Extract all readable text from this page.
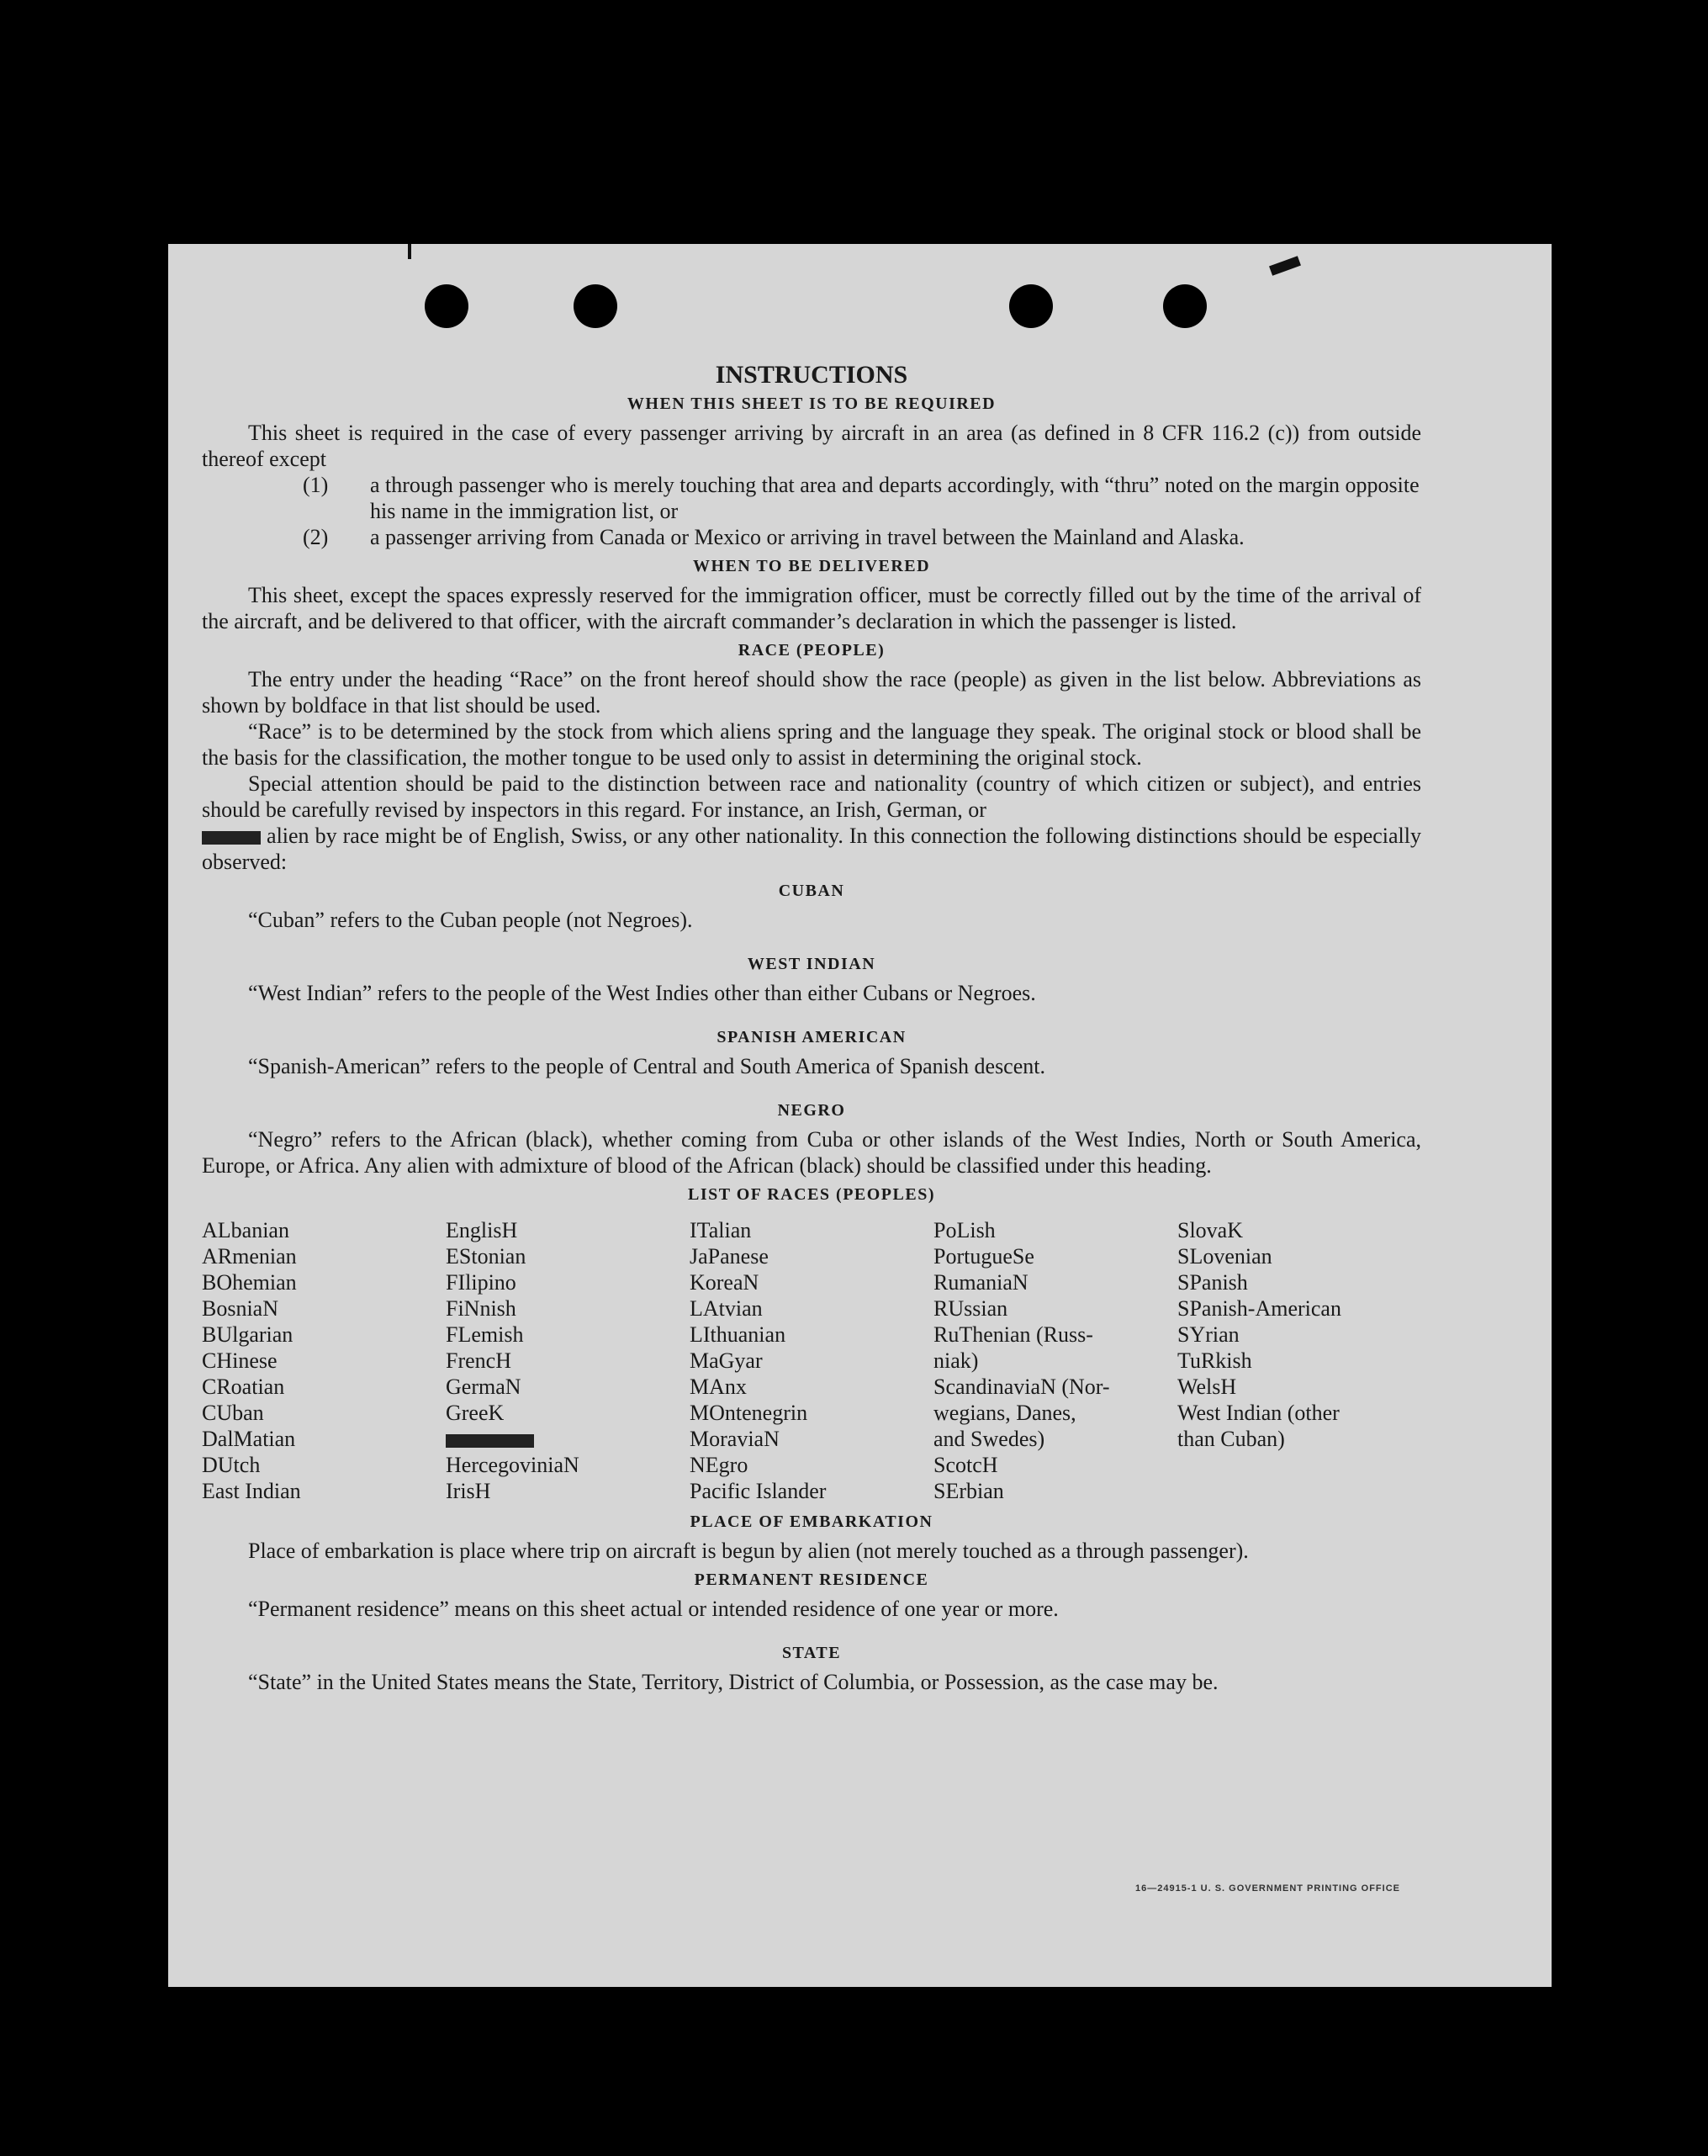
INSTRUCTIONS
WHEN THIS SHEET IS TO BE REQUIRED

This sheet is required in the case of every passenger arriving by aircraft in an area (as defined in 8 CFR 116.2 (c)) from outside thereof except

(1) a through passenger who is merely touching that area and departs accordingly, with “thru” noted on the margin opposite his name in the immigration list, or

(2) a passenger arriving from Canada or Mexico or arriving in travel between the Mainland and Alaska.

WHEN TO BE DELIVERED

This sheet, except the spaces expressly reserved for the immigration officer, must be correctly filled out by the time of the arrival of the aircraft, and be delivered to that officer, with the aircraft commander’s declaration in which the passenger is listed.

RACE (PEOPLE)

The entry under the heading “Race” on the front hereof should show the race (people) as given in the list below. Abbreviations as shown by boldface in that list should be used.

“Race” is to be determined by the stock from which aliens spring and the language they speak. The original stock or blood shall be the basis for the classification, the mother tongue to be used only to assist in determining the original stock.

Special attention should be paid to the distinction between race and nationality (country of which citizen or subject), and entries should be carefully revised by inspectors in this regard. For instance, an Irish, German, or

alien by race might be of English, Swiss, or any other nationality. In this connection the following distinctions should be especially observed:

CUBAN

“Cuban” refers to the Cuban people (not Negroes).

WEST INDIAN

“West Indian” refers to the people of the West Indies other than either Cubans or Negroes.

SPANISH AMERICAN

“Spanish-American” refers to the people of Central and South America of Spanish descent.

NEGRO

“Negro” refers to the African (black), whether coming from Cuba or other islands of the West Indies, North or South America, Europe, or Africa. Any alien with admixture of blood of the African (black) should be classified under this heading.

LIST OF RACES (PEOPLES)
ALbanian
ARmenian
BOhemian
BosniaN
BUlgarian
CHinese
CRoatian
CUban
DalMatian
DUtch
East Indian
EnglisH
EStonian
FIlipino
FiNnish
FLemish
FrencH
GermaN
GreeK
HercegoviniaN
IrisH
ITalian
JaPanese
KoreaN
LAtvian
LIthuanian
MaGyar
MAnx
MOntenegrin
MoraviaN
NEgro
Pacific Islander
PoLish
PortugueSe
RumaniaN
RUssian
RuThenian (Russ-
niak)
ScandinaviaN (Nor-
wegians, Danes,
and Swedes)
ScotcH
SErbian
SlovaK
SLovenian
SPanish
SPanish-American
SYrian
TuRkish
WelsH
West Indian (other
than Cuban)
PLACE OF EMBARKATION

Place of embarkation is place where trip on aircraft is begun by alien (not merely touched as a through passenger).

PERMANENT RESIDENCE

“Permanent residence” means on this sheet actual or intended residence of one year or more.

STATE

“State” in the United States means the State, Territory, District of Columbia, or Possession, as the case may be.

16—24915-1 U. S. GOVERNMENT PRINTING OFFICE
